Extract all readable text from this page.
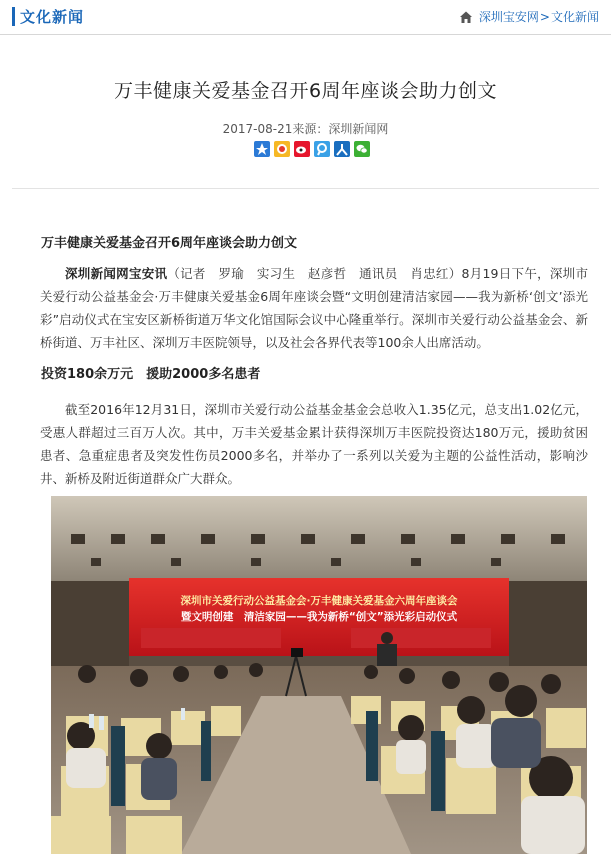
文化新闻	深圳宝安网 > 文化新闻
万丰健康关爱基金召开6周年座谈会助力创文
2017-08-21来源：深圳新闻网
万丰健康关爱基金召开6周年座谈会助力创文
深圳新闻网宝安讯（记者　罗瑜　实习生　赵彦哲　通讯员　肖忠红）8月19日下午，深圳市关爱行动公益基金会·万丰健康关爱基金6周年座谈会暨“文明创建清洁家园——我为新桥‘创文’添光彩”启动仪式在宝安区新桥街道万华文化馆国际会议中心隆重举行。深圳市关爱行动公益基金会、新桥街道、万丰社区、深圳万丰医院领导，以及社会各界代表等100余人出席活动。
投资180余万元　援助2000多名患者
截至2016年12月31日，深圳市关爱行动公益基金基金会总收入1.35亿元，总支出1.02亿元，受惠人群超过三百万人次。其中，万丰关爱基金累计获得深圳万丰医院投资达180万元，援助贫困患者、急重症患者及突发性伤员2000多名，并举办了一系列以关爱为主题的公益性活动，影响沙井、新桥及附近街道群众广大群众。
深圳市关爱行动公益基金会·万丰健康关爱基金六周年座谈会
暨文明创建　清洁家园——我为新桥“创文”添光彩启动仪式
